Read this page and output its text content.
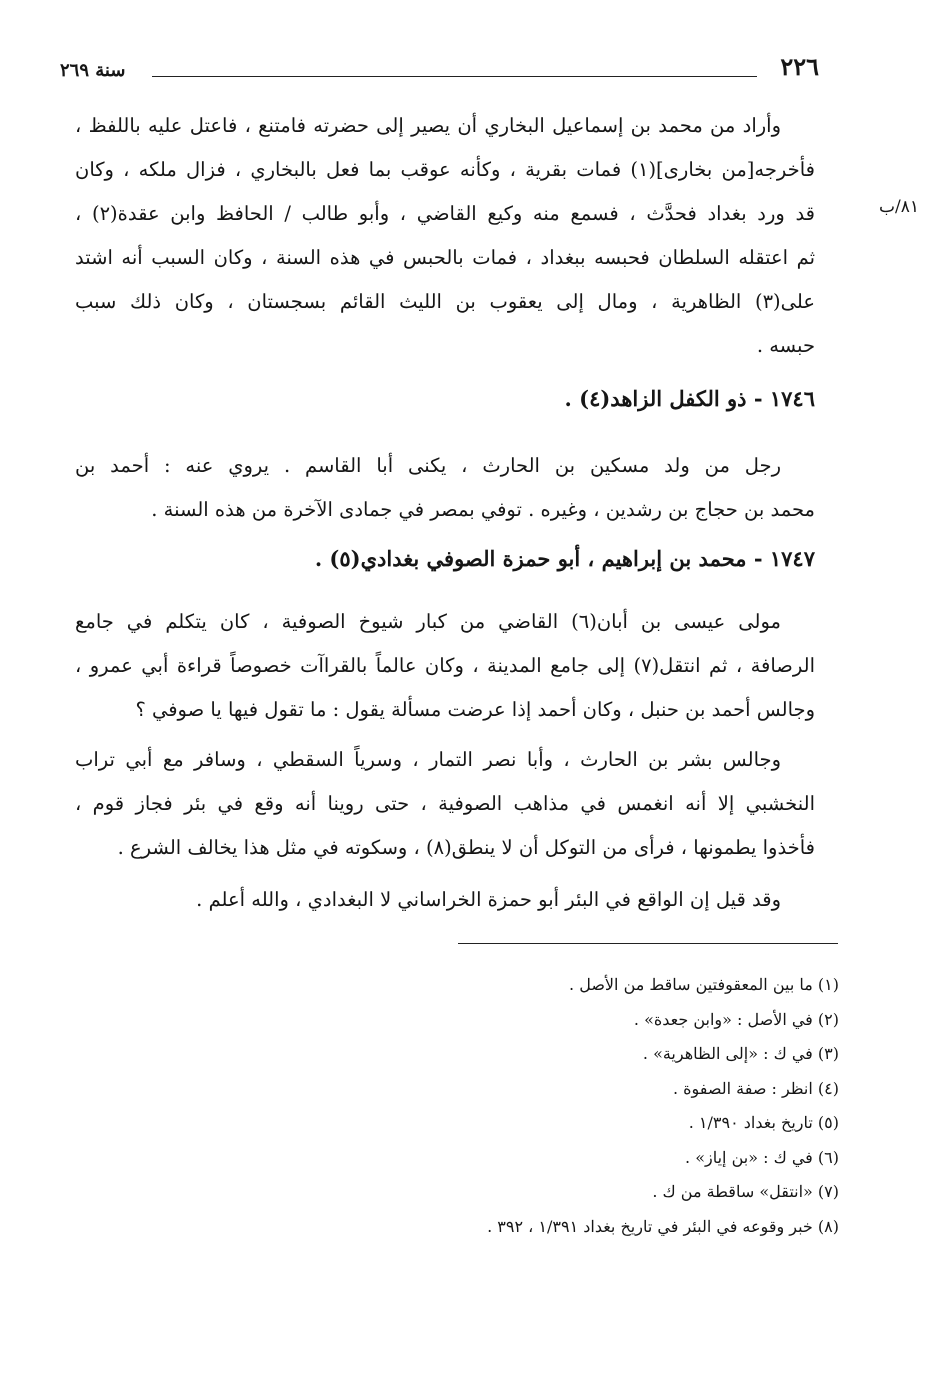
٢٢٦
سنة ٢٦٩
٨١/ب
وأراد من محمد بن إسماعيل البخاري أن يصير إلى حضرته فامتنع ، فاعتل عليه باللفظ ،
فأخرجه[من بخارى](١) فمات بقرية ، وكأنه عوقب بما فعل بالبخاري ، فزال ملكه ، وكان
قد ورد بغداد فحدَّث ، فسمع منه وكيع القاضي ، وأبو طالب / الحافظ وابن عقدة(٢) ،
ثم اعتقله السلطان فحبسه ببغداد ، فمات بالحبس في هذه السنة ، وكان السبب أنه اشتد
على(٣) الظاهرية ، ومال إلى يعقوب بن الليث القائم بسجستان ، وكان ذلك سبب
حبسه .
١٧٤٦ - ذو الكفل الزاهد(٤) .
رجل من ولد مسكين بن الحارث ، يكنى أبا القاسم . يروي عنه : أحمد بن
محمد بن حجاج بن رشدين ، وغيره . توفي بمصر في جمادى الآخرة من هذه السنة .
١٧٤٧ - محمد بن إبراهيم ، أبو حمزة الصوفي بغدادي(٥) .
مولى عيسى بن أبان(٦) القاضي من كبار شيوخ الصوفية ، كان يتكلم في جامع
الرصافة ، ثم انتقل(٧) إلى جامع المدينة ، وكان عالماً بالقراآت خصوصاً قراءة أبي عمرو ،
وجالس أحمد بن حنبل ، وكان أحمد إذا عرضت مسألة يقول : ما تقول فيها يا صوفي ؟
وجالس بشر بن الحارث ، وأبا نصر التمار ، وسرياً السقطي ، وسافر مع أبي تراب
النخشبي إلا أنه انغمس في مذاهب الصوفية ، حتى روينا أنه وقع في بئر فجاز قوم ،
فأخذوا يطمونها ، فرأى من التوكل أن لا ينطق(٨) ، وسكوته في مثل هذا يخالف الشرع .
وقد قيل إن الواقع في البئر أبو حمزة الخراساني لا البغدادي ، والله أعلم .
(١) ما بين المعقوفتين ساقط من الأصل .
(٢) في الأصل : «وابن جعدة» .
(٣) في ك : «إلى الظاهرية» .
(٤) انظر : صفة الصفوة .
(٥) تاريخ بغداد ١/٣٩٠ .
(٦) في ك : «بن إياز» .
(٧) «انتقل» ساقطة من ك .
(٨) خبر وقوعه في البئر في تاريخ بغداد ١/٣٩١ ، ٣٩٢ .
